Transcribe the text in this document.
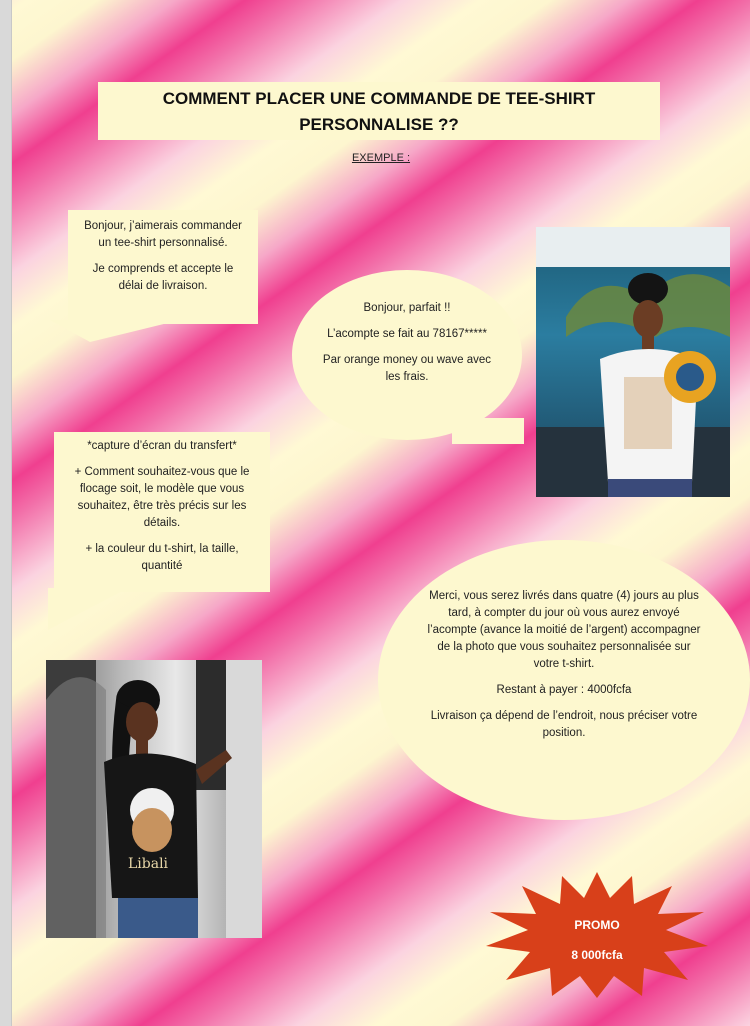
COMMENT PLACER UNE COMMANDE DE TEE-SHIRT
PERSONNALISE ??
EXEMPLE :

Bonjour, j’aimerais commander un tee-shirt personnalisé.

Je comprends et accepte le délai de livraison.

Bonjour, parfait !!

L’acompte se fait au 78167*****

Par orange money ou wave avec les frais.

*capture d’écran du transfert*

+ Comment souhaitez-vous que le flocage soit, le modèle que vous souhaitez, être très précis sur les détails.

+ la couleur du t-shirt, la taille, quantité

Merci, vous serez livrés dans quatre (4) jours au plus tard, à compter du jour où vous aurez envoyé l’acompte (avance la moitié de l’argent) accompagner de la photo que vous souhaitez personnalisée sur votre t-shirt.

Restant à payer : 4000fcfa

Livraison ça dépend de l’endroit, nous préciser votre position.

Libali
PROMO
8 000fcfa
